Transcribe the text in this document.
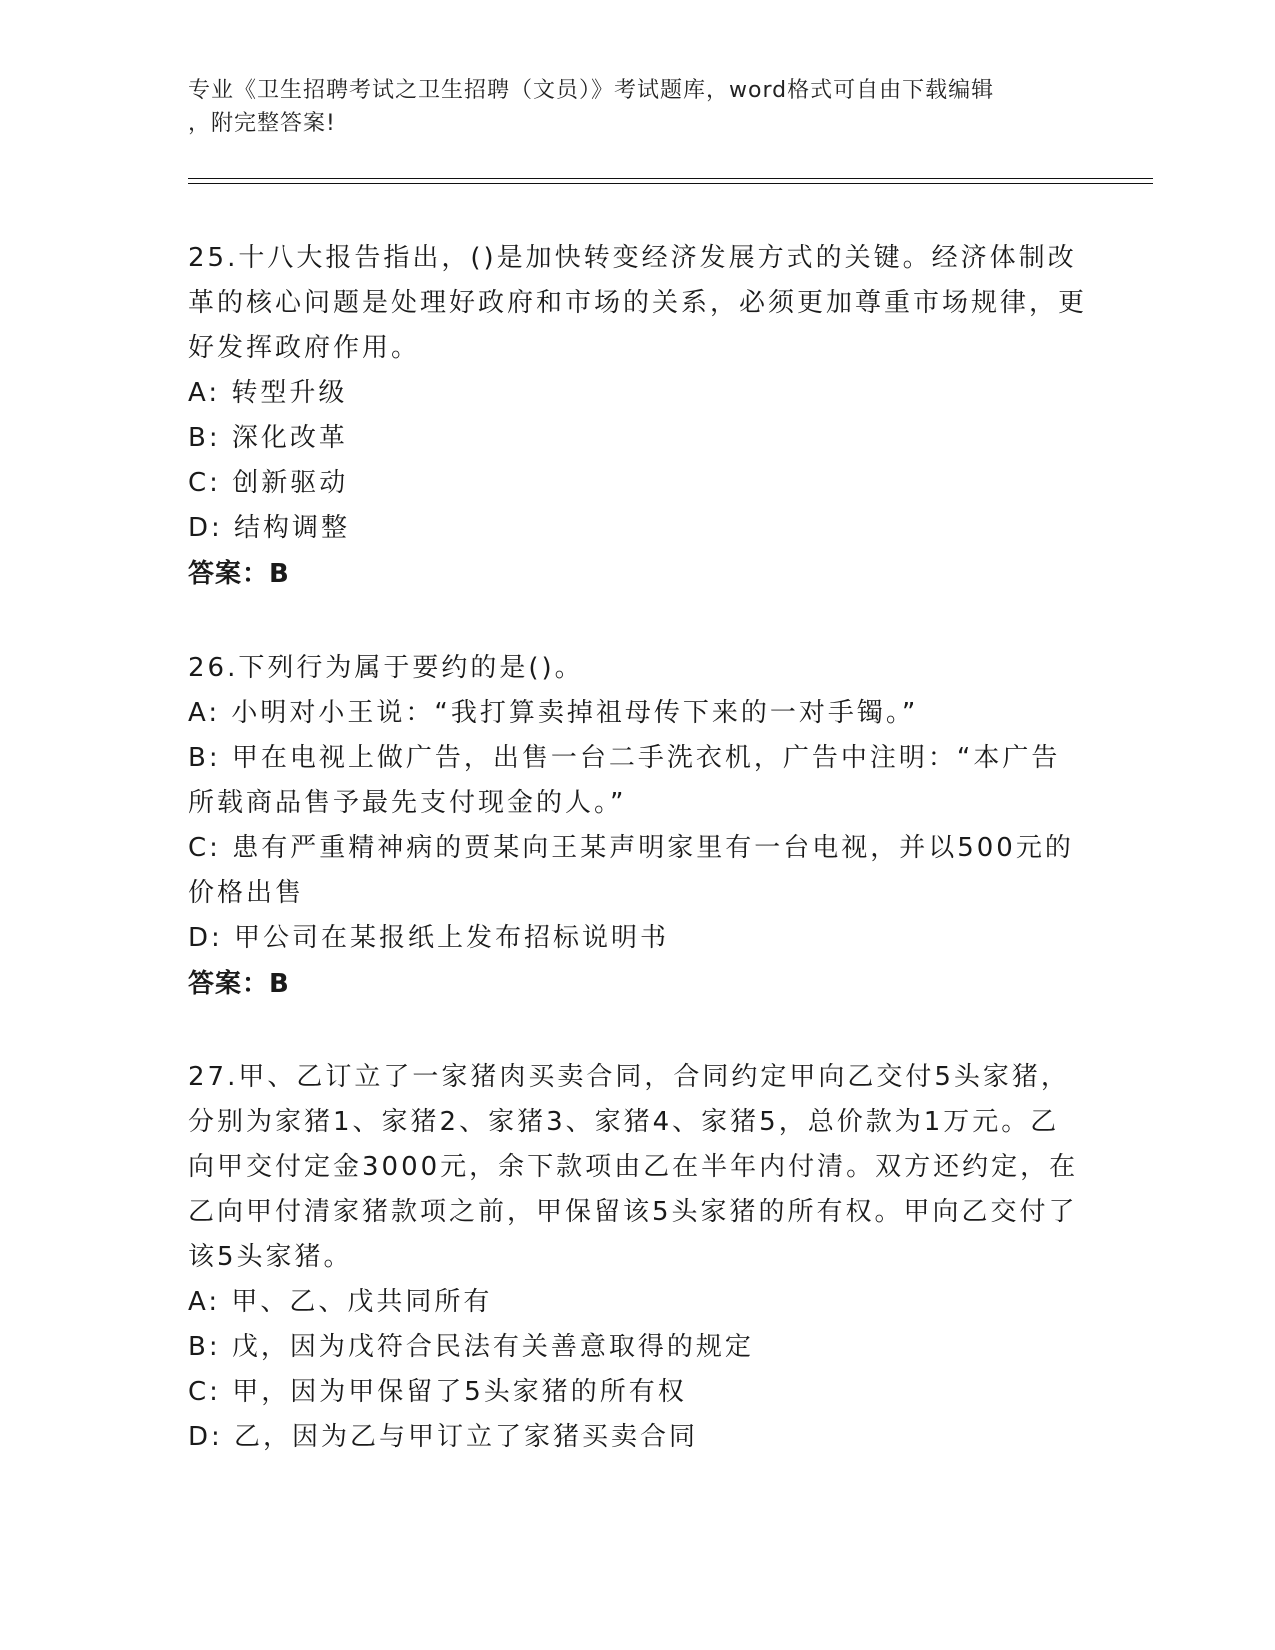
专业《卫生招聘考试之卫生招聘（文员）》考试题库，word格式可自由下载编辑
，附完整答案!

25.十八大报告指出，()是加快转变经济发展方式的关键。经济体制改革的核心问题是处理好政府和市场的关系，必须更加尊重市场规律，更好发挥政府作用。

A: 转型升级

B: 深化改革

C: 创新驱动

D: 结构调整

答案：B

26.下列行为属于要约的是()。

A: 小明对小王说：“我打算卖掉祖母传下来的一对手镯。”

B: 甲在电视上做广告，出售一台二手洗衣机，广告中注明：“本广告所载商品售予最先支付现金的人。”

C: 患有严重精神病的贾某向王某声明家里有一台电视，并以500元的价格出售

D: 甲公司在某报纸上发布招标说明书

答案：B

27.甲、乙订立了一家猪肉买卖合同，合同约定甲向乙交付5头家猪，分别为家猪1、家猪2、家猪3、家猪4、家猪5，总价款为1万元。乙向甲交付定金3000元，余下款项由乙在半年内付清。双方还约定，在乙向甲付清家猪款项之前，甲保留该5头家猪的所有权。甲向乙交付了该5头家猪。

A: 甲、乙、戊共同所有

B: 戊，因为戊符合民法有关善意取得的规定

C: 甲，因为甲保留了5头家猪的所有权

D: 乙，因为乙与甲订立了家猪买卖合同
